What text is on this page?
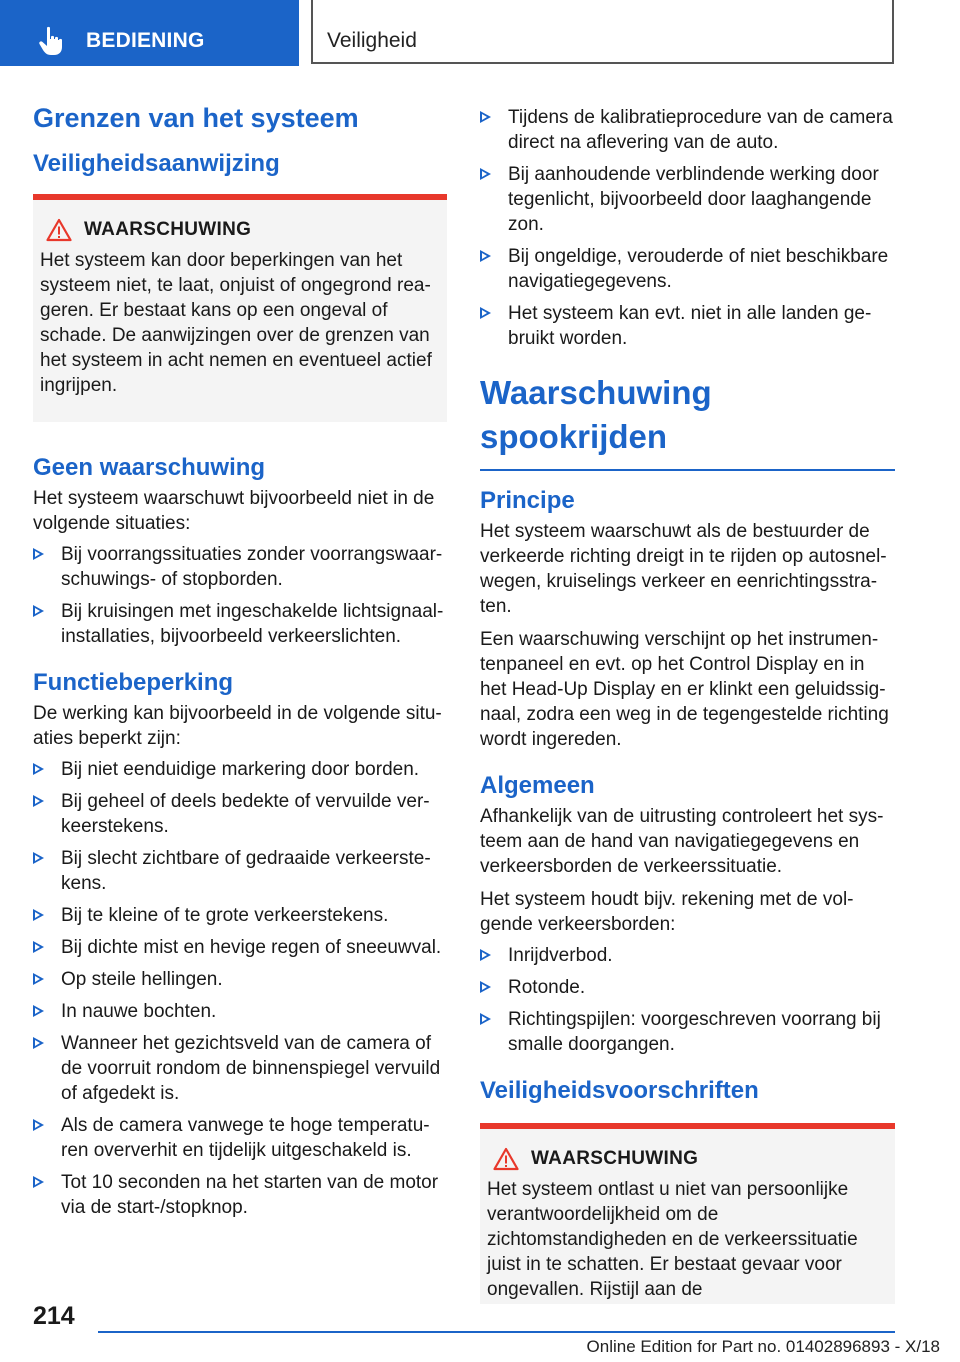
BEDIENING	Veiligheid
Grenzen van het systeem
Veiligheidsaanwijzing
WAARSCHUWING

Het systeem kan door beperkingen van het systeem niet, te laat, onjuist of ongegrond reageren. Er bestaat kans op een ongeval of schade. De aanwijzingen over de grenzen van het systeem in acht nemen en eventueel actief ingrijpen.

Geen waarschuwing

Het systeem waarschuwt bijvoorbeeld niet in de volgende situaties:

Bij voorrangssituaties zonder voorrangswaarschuwings- of stopborden.
Bij kruisingen met ingeschakelde lichtsignaalinstallaties, bijvoorbeeld verkeerslichten.
Functiebeperking

De werking kan bijvoorbeeld in de volgende situaties beperkt zijn:

Bij niet eenduidige markering door borden.
Bij geheel of deels bedekte of vervuilde verkeerstekens.
Bij slecht zichtbare of gedraaide verkeerstekens.
Bij te kleine of te grote verkeerstekens.
Bij dichte mist en hevige regen of sneeuwval.
Op steile hellingen.
In nauwe bochten.
Wanneer het gezichtsveld van de camera of de voorruit rondom de binnenspiegel vervuild of afgedekt is.
Als de camera vanwege te hoge temperaturen oververhit en tijdelijk uitgeschakeld is.
Tot 10 seconden na het starten van de motor via de start-/stopknop.
Tijdens de kalibratieprocedure van de camera direct na aflevering van de auto.
Bij aanhoudende verblindende werking door tegenlicht, bijvoorbeeld door laaghangende zon.
Bij ongeldige, verouderde of niet beschikbare navigatiegegevens.
Het systeem kan evt. niet in alle landen gebruikt worden.
Waarschuwing spookrijden
Principe

Het systeem waarschuwt als de bestuurder de verkeerde richting dreigt in te rijden op autosnelwegen, kruiselings verkeer en eenrichtingsstraten.

Een waarschuwing verschijnt op het instrumentenpaneel en evt. op het Control Display en in het Head-Up Display en er klinkt een geluidssignaal, zodra een weg in de tegengestelde richting wordt ingereden.

Algemeen

Afhankelijk van de uitrusting controleert het systeem aan de hand van navigatiegegevens en verkeersborden de verkeerssituatie.

Het systeem houdt bijv. rekening met de volgende verkeersborden:

Inrijdverbod.
Rotonde.
Richtingspijlen: voorgeschreven voorrang bij smalle doorgangen.
Veiligheidsvoorschriften
WAARSCHUWING

Het systeem ontlast u niet van persoonlijke verantwoordelijkheid om de zichtomstandigheden en de verkeerssituatie juist in te schatten. Er bestaat gevaar voor ongevallen. Rijstijl aan de

214
Online Edition for Part no. 01402896893 - X/18
